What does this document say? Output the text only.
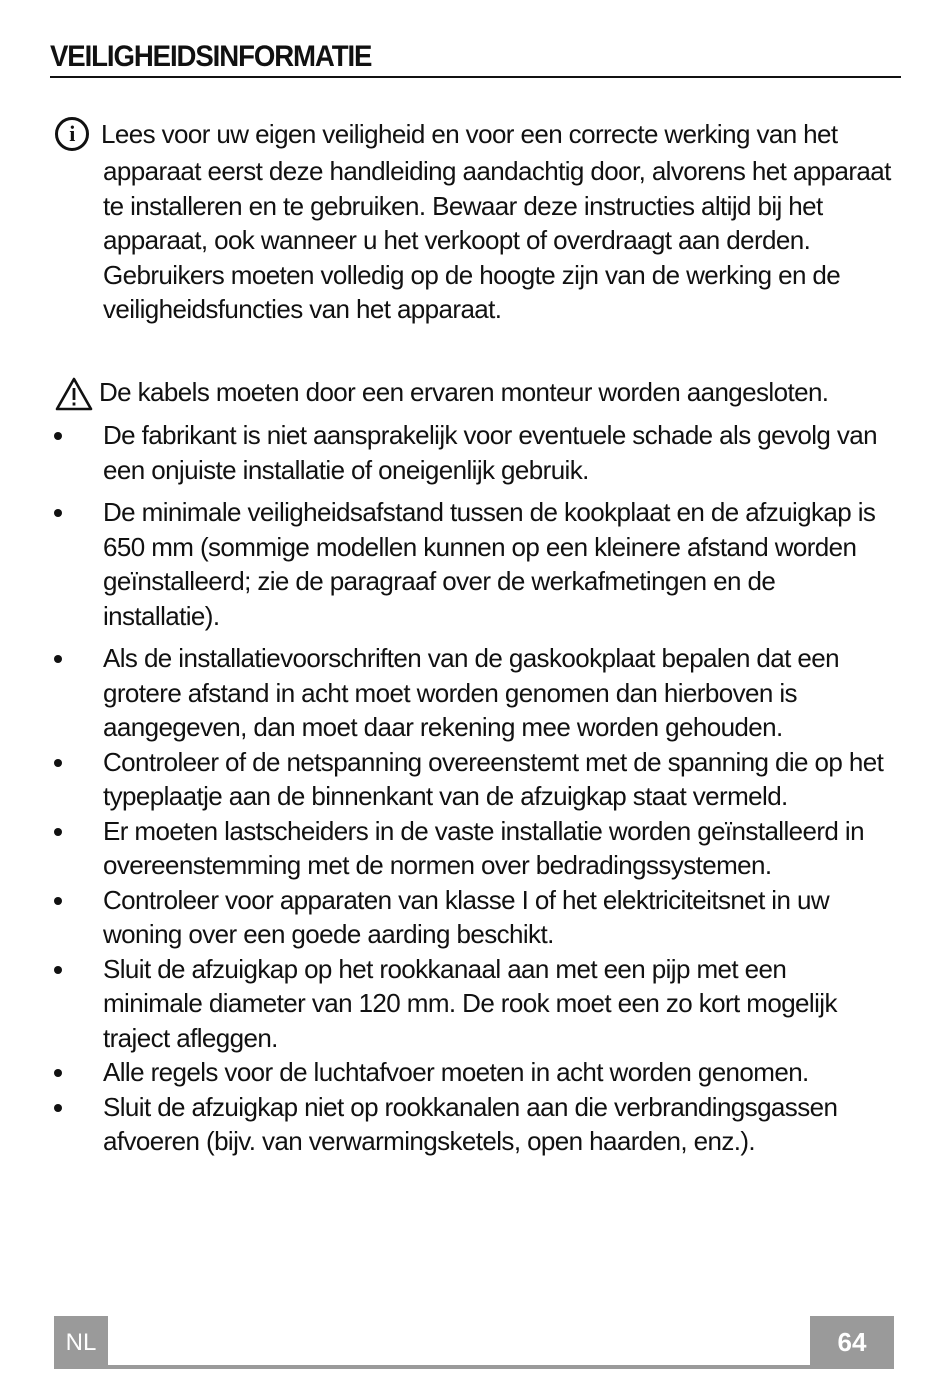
VEILIGHEIDSINFORMATIE
i	Lees voor uw eigen veiligheid en voor een correcte werking van het
apparaat eerst deze handleiding aandachtig door, alvorens het apparaat te installeren en te gebruiken. Bewaar deze instructies altijd bij het apparaat, ook wanneer u het verkoopt of overdraagt aan derden. Gebruikers moeten volledig op de hoogte zijn van de werking en de veiligheidsfuncties van het apparaat.
De kabels moeten door een ervaren monteur worden aangesloten.
De fabrikant is niet aansprakelijk voor eventuele schade als gevolg van een onjuiste installatie of oneigenlijk gebruik.
De minimale veiligheidsafstand tussen de kookplaat en de afzuigkap is 650 mm (sommige modellen kunnen op een kleinere afstand worden geïnstalleerd; zie de paragraaf over de werkafmetingen en de installatie).
Als de installatievoorschriften van de gaskookplaat bepalen dat een grotere afstand in acht moet worden genomen dan hierboven is aangegeven, dan moet daar rekening mee worden gehouden.
Controleer of de netspanning overeenstemt met de spanning die op het typeplaatje aan de binnenkant van de afzuigkap staat vermeld.
Er moeten lastscheiders in de vaste installatie worden geïnstalleerd in overeenstemming met de normen over bedradingssystemen.
Controleer voor apparaten van klasse I of het elektriciteitsnet in uw woning over een goede aarding beschikt.
Sluit de afzuigkap op het rookkanaal aan met een pijp met een minimale diameter van 120 mm. De rook moet een zo kort mogelijk traject afleggen.
Alle regels voor de luchtafvoer moeten in acht worden genomen.
Sluit de afzuigkap niet op rookkanalen aan die verbrandingsgassen afvoeren (bijv. van verwarmingsketels, open haarden, enz.).
NL	64
